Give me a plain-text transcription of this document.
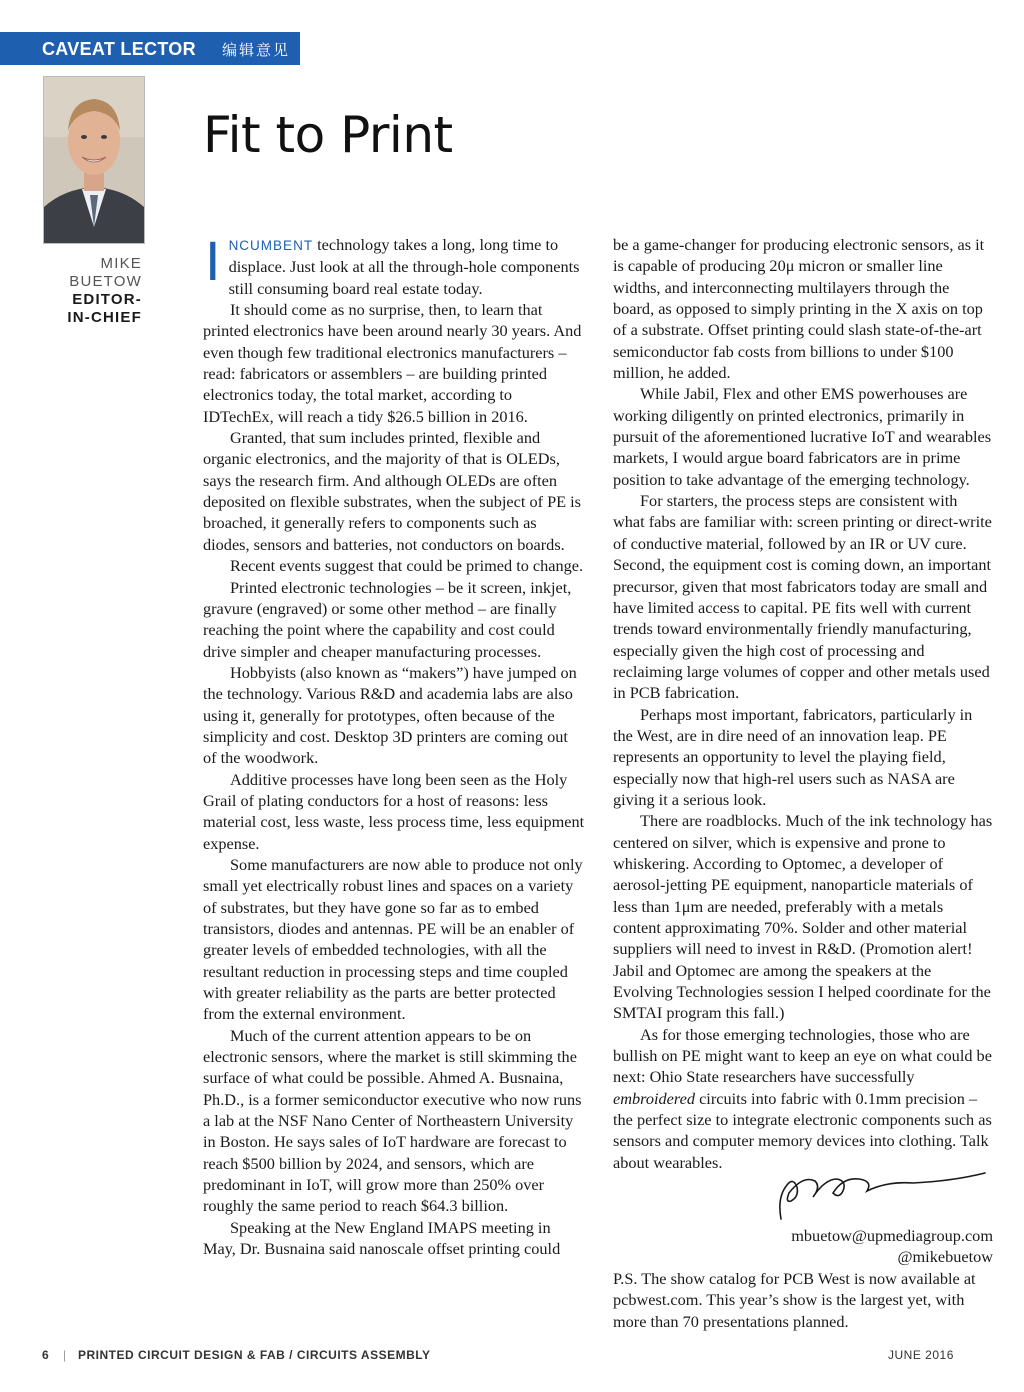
CAVEAT LECTOR 编辑意见
MIKE
BUETOW
EDITOR-
IN-CHIEF
Fit to Print

INCUMBENT technology takes a long, long time to displace. Just look at all the through-hole components still consuming board real estate today.

It should come as no surprise, then, to learn that printed electronics have been around nearly 30 years. And even though few traditional electronics manufacturers – read: fabricators or assemblers – are building printed electronics today, the total market, according to IDTechEx, will reach a tidy $26.5 billion in 2016.

Granted, that sum includes printed, flexible and organic electronics, and the majority of that is OLEDs, says the research firm. And although OLEDs are often deposited on flexible substrates, when the subject of PE is broached, it generally refers to components such as diodes, sensors and batteries, not conductors on boards.

Recent events suggest that could be primed to change.

Printed electronic technologies – be it screen, inkjet, gravure (engraved) or some other method – are finally reaching the point where the capability and cost could drive simpler and cheaper manufacturing processes.

Hobbyists (also known as “makers”) have jumped on the technology. Various R&D and academia labs are also using it, generally for prototypes, often because of the simplicity and cost. Desktop 3D printers are coming out of the woodwork.

Additive processes have long been seen as the Holy Grail of plating conductors for a host of reasons: less material cost, less waste, less process time, less equipment expense.

Some manufacturers are now able to produce not only small yet electrically robust lines and spaces on a variety of substrates, but they have gone so far as to embed transistors, diodes and antennas. PE will be an enabler of greater levels of embedded technologies, with all the resultant reduction in processing steps and time coupled with greater reliability as the parts are better protected from the external environment.

Much of the current attention appears to be on electronic sensors, where the market is still skimming the surface of what could be possible. Ahmed A. Busnaina, Ph.D., is a former semiconductor executive who now runs a lab at the NSF Nano Center of Northeastern University in Boston. He says sales of IoT hardware are forecast to reach $500 billion by 2024, and sensors, which are predominant in IoT, will grow more than 250% over roughly the same period to reach $64.3 billion.

Speaking at the New England IMAPS meeting in May, Dr. Busnaina said nanoscale offset printing could

be a game-changer for producing electronic sensors, as it is capable of producing 20μ micron or smaller line widths, and interconnecting multilayers through the board, as opposed to simply printing in the X axis on top of a substrate. Offset printing could slash state-of-the-art semiconductor fab costs from billions to under $100 million, he added.

While Jabil, Flex and other EMS powerhouses are working diligently on printed electronics, primarily in pursuit of the aforementioned lucrative IoT and wearables markets, I would argue board fabricators are in prime position to take advantage of the emerging technology.

For starters, the process steps are consistent with what fabs are familiar with: screen printing or direct-write of conductive material, followed by an IR or UV cure. Second, the equipment cost is coming down, an important precursor, given that most fabricators today are small and have limited access to capital. PE fits well with current trends toward environmentally friendly manufacturing, especially given the high cost of processing and reclaiming large volumes of copper and other metals used in PCB fabrication.

Perhaps most important, fabricators, particularly in the West, are in dire need of an innovation leap. PE represents an opportunity to level the playing field, especially now that high-rel users such as NASA are giving it a serious look.

There are roadblocks. Much of the ink technology has centered on silver, which is expensive and prone to whiskering. According to Optomec, a developer of aerosol-jetting PE equipment, nanoparticle materials of less than 1μm are needed, preferably with a metals content approximating 70%. Solder and other material suppliers will need to invest in R&D. (Promotion alert! Jabil and Optomec are among the speakers at the Evolving Technologies session I helped coordinate for the SMTAI program this fall.)

As for those emerging technologies, those who are bullish on PE might want to keep an eye on what could be next: Ohio State researchers have successfully embroidered circuits into fabric with 0.1mm precision – the perfect size to integrate electronic components such as sensors and computer memory devices into clothing. Talk about wearables.

mbuetow@upmediagroup.com

@mikebuetow

P.S. The show catalog for PCB West is now available at pcbwest.com. This year’s show is the largest yet, with more than 70 presentations planned.

6 | PRINTED CIRCUIT DESIGN & FAB / CIRCUITS ASSEMBLY	JUNE 2016
